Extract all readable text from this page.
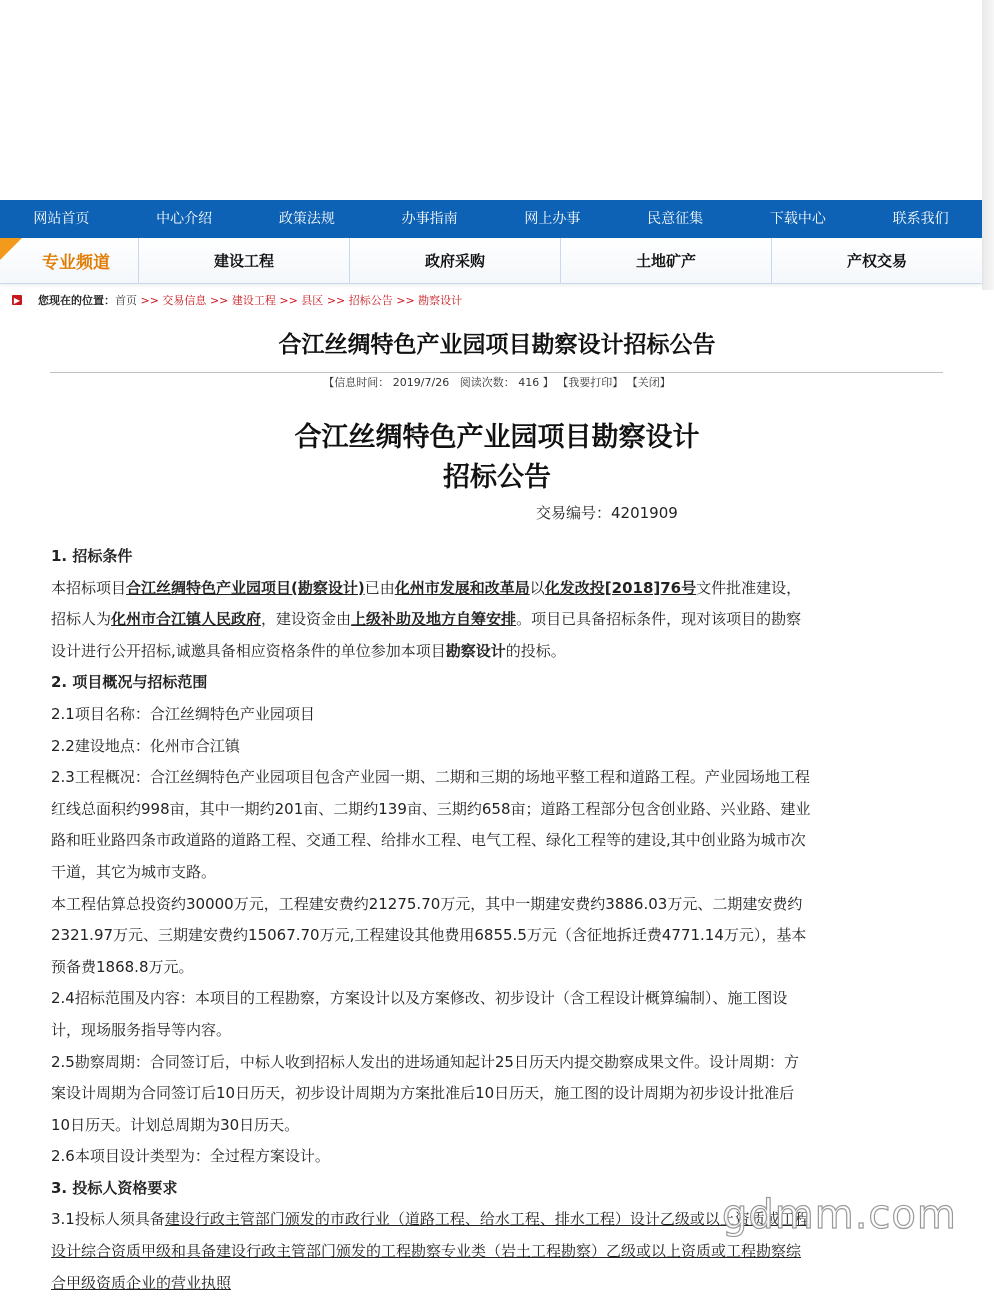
网站首页	中心介绍	政策法规	办事指南	网上办事	民意征集	下载中心	联系我们
专业频道	建设工程	政府采购	土地矿产	产权交易
▶ 您现在的位置： 首页
>> 交易信息
>> 建设工程
>> 县区
>> 招标公告
>> 勘察设计
合江丝绸特色产业园项目勘察设计招标公告
【信息时间： 2019/7/26 阅读次数： 416 】 【我要打印】 【关闭】
合江丝绸特色产业园项目勘察设计
招标公告
交易编号：4201909

1. 招标条件

本招标项目合江丝绸特色产业园项目(勘察设计)已由化州市发展和改革局以化发改投[2018]76号文件批准建设，招标人为化州市合江镇人民政府，建设资金由上级补助及地方自筹安排。项目已具备招标条件，现对该项目的勘察设计进行公开招标,诚邀具备相应资格条件的单位参加本项目勘察设计的投标。

2. 项目概况与招标范围

2.1项目名称：合江丝绸特色产业园项目

2.2建设地点：化州市合江镇

2.3工程概况：合江丝绸特色产业园项目包含产业园一期、二期和三期的场地平整工程和道路工程。产业园场地工程红线总面积约998亩，其中一期约201亩、二期约139亩、三期约658亩；道路工程部分包含创业路、兴业路、建业路和旺业路四条市政道路的道路工程、交通工程、给排水工程、电气工程、绿化工程等的建设,其中创业路为城市次干道，其它为城市支路。

本工程估算总投资约30000万元，工程建安费约21275.70万元，其中一期建安费约3886.03万元、二期建安费约2321.97万元、三期建安费约15067.70万元,工程建设其他费用6855.5万元（含征地拆迁费4771.14万元），基本预备费1868.8万元。

2.4招标范围及内容：本项目的工程勘察，方案设计以及方案修改、初步设计（含工程设计概算编制）、施工图设计，现场服务指导等内容。

2.5勘察周期：合同签订后，中标人收到招标人发出的进场通知起计25日历天内提交勘察成果文件。设计周期：方案设计周期为合同签订后10日历天，初步设计周期为方案批准后10日历天，施工图的设计周期为初步设计批准后10日历天。计划总周期为30日历天。

2.6本项目设计类型为：全过程方案设计。

3. 投标人资格要求

3.1投标人须具备建设行政主管部门颁发的市政行业（道路工程、给水工程、排水工程）设计乙级或以上资质或工程设计综合资质甲级和具备建设行政主管部门颁发的工程勘察专业类（岩土工程勘察）乙级或以上资质或工程勘察综合甲级资质企业的营业执照

gdmm.com
